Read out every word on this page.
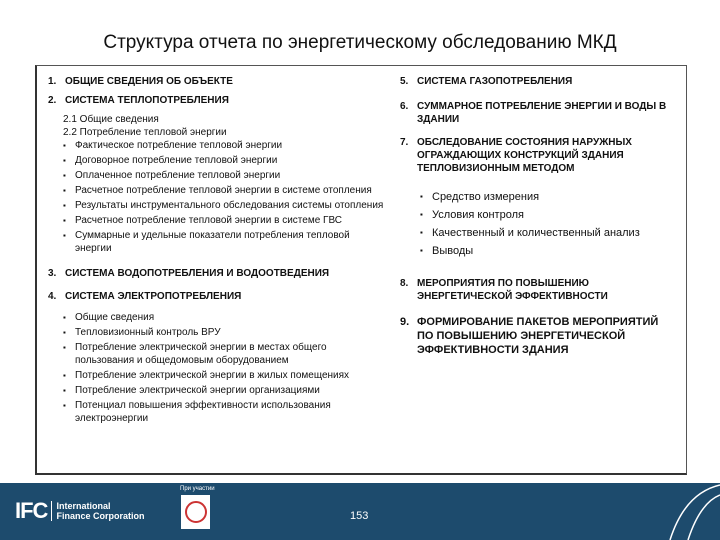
Структура отчета по энергетическому обследованию МКД
1. ОБЩИЕ СВЕДЕНИЯ ОБ ОБЪЕКТЕ
2. СИСТЕМА ТЕПЛОПОТРЕБЛЕНИЯ
2.1 Общие сведения
2.2 Потребление тепловой энергии
▪ Фактическое потребление тепловой энергии
▪ Договорное потребление тепловой энергии
▪ Оплаченное потребление тепловой энергии
▪ Расчетное потребление тепловой энергии в системе отопления
▪ Результаты инструментального обследования системы отопления
▪ Расчетное потребление тепловой энергии в системе ГВС
▪ Суммарные и удельные показатели потребления тепловой энергии
3. СИСТЕМА ВОДОПОТРЕБЛЕНИЯ И ВОДООТВЕДЕНИЯ
4. СИСТЕМА ЭЛЕКТРОПОТРЕБЛЕНИЯ
▪ Общие сведения
▪ Тепловизионный контроль ВРУ
▪ Потребление электрической энергии в местах общего пользования и общедомовым оборудованием
▪ Потребление электрической энергии в жилых помещениях
▪ Потребление электрической энергии организациями
▪ Потенциал повышения эффективности использования электроэнергии
5. СИСТЕМА ГАЗОПОТРЕБЛЕНИЯ
6. СУММАРНОЕ ПОТРЕБЛЕНИЕ ЭНЕРГИИ И ВОДЫ В ЗДАНИИ
7. ОБСЛЕДОВАНИЕ СОСТОЯНИЯ НАРУЖНЫХ ОГРАЖДАЮЩИХ КОНСТРУКЦИЙ ЗДАНИЯ ТЕПЛОВИЗИОННЫМ МЕТОДОМ
▪ Средство измерения
▪ Условия контроля
▪ Качественный и количественный анализ
▪ Выводы
8. МЕРОПРИЯТИЯ ПО ПОВЫШЕНИЮ ЭНЕРГЕТИЧЕСКОЙ ЭФФЕКТИВНОСТИ
9. ФОРМИРОВАНИЕ ПАКЕТОВ МЕРОПРИЯТИЙ ПО ПОВЫШЕНИЮ ЭНЕРГЕТИЧЕСКОЙ ЭФФЕКТИВНОСТИ ЗДАНИЯ
IFC	International
Finance Corporation
При участии
153
